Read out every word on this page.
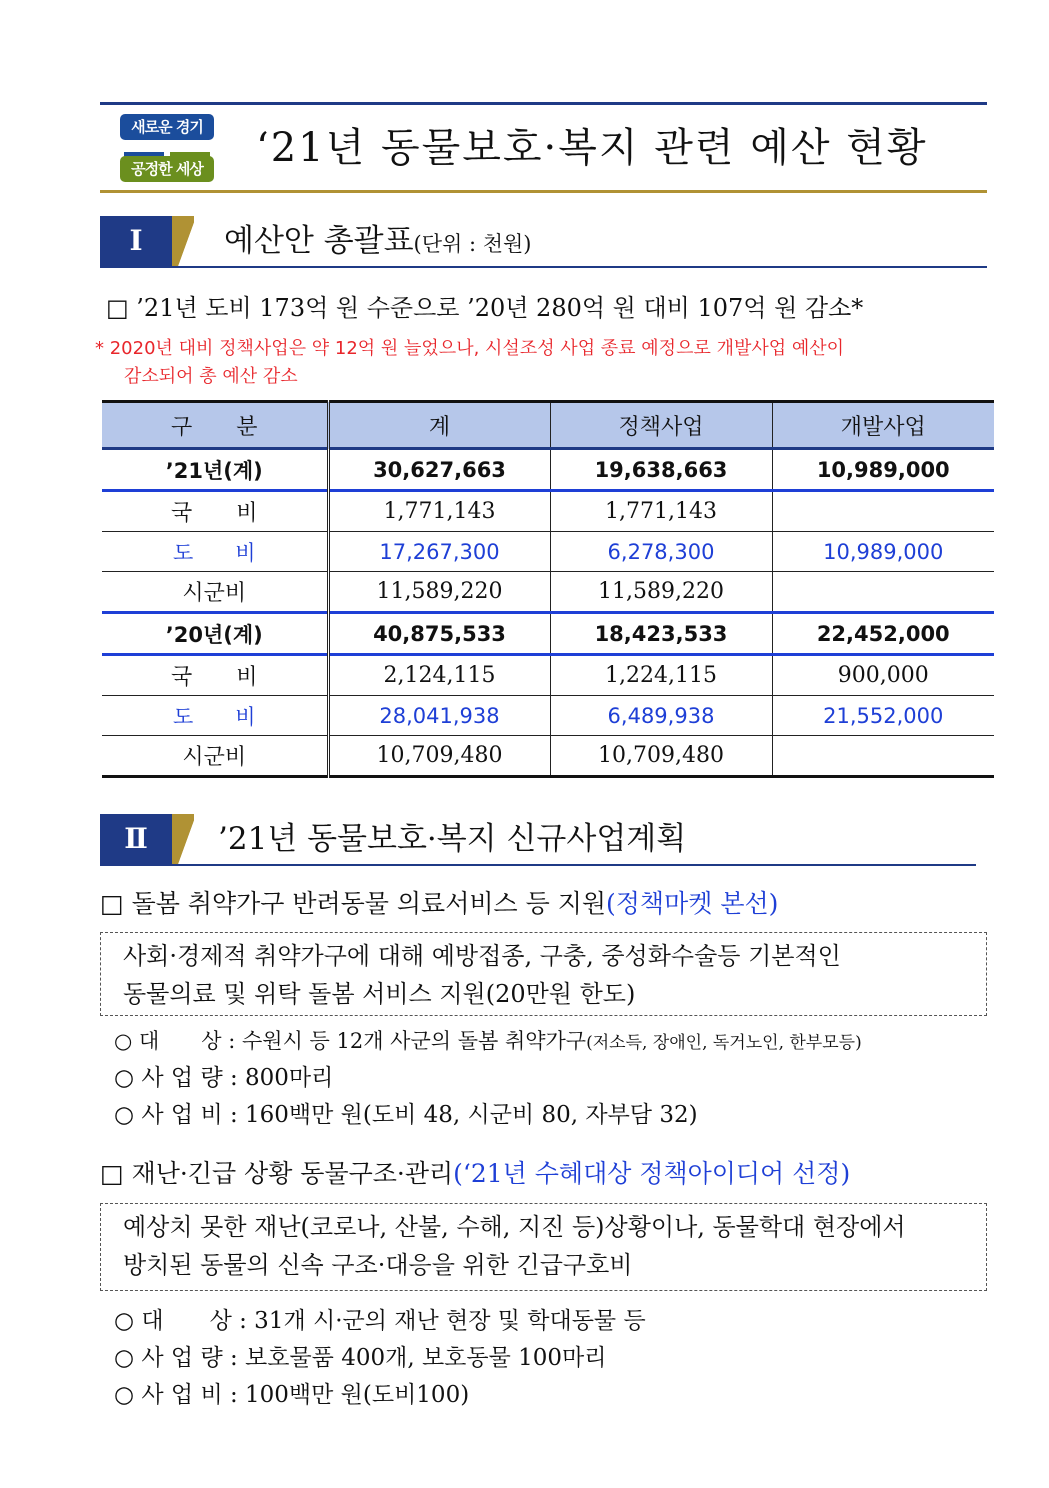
새로운 경기
공정한 세상 ‘21년 동물보호·복지 관련 예산 현황
Ⅰ	예산안 총괄표(단위 : 천원)
□ ’21년 도비 173억 원 수준으로 ’20년 280억 원 대비 107억 원 감소*
* 2020년 대비 정책사업은 약 12억 원 늘었으나, 시설조성 사업 종료 예정으로 개발사업 예산이
감소되어 총 예산 감소
구　　분	계	정책사업	개발사업
’21년(계)	30,627,663	19,638,663	10,989,000
국　　비	1,771,143	1,771,143	
도　　비	17,267,300	6,278,300	10,989,000
시군비	11,589,220	11,589,220	
’20년(계)	40,875,533	18,423,533	22,452,000
국　　비	2,124,115	1,224,115	900,000
도　　비	28,041,938	6,489,938	21,552,000
시군비	10,709,480	10,709,480	
Ⅱ	’21년 동물보호·복지 신규사업계획
□ 돌봄 취약가구 반려동물 의료서비스 등 지원(정책마켓 본선)
사회·경제적 취약가구에 대해 예방접종, 구충, 중성화수술등 기본적인
동물의료 및 위탁 돌봄 서비스 지원(20만원 한도)
○ 대　　상 : 수원시 등 12개 사군의 돌봄 취약가구(저소득, 장애인, 독거노인, 한부모등)
○ 사 업 량 : 800마리
○ 사 업 비 : 160백만 원(도비 48, 시군비 80, 자부담 32)
□ 재난·긴급 상황 동물구조·관리(‘21년 수혜대상 정책아이디어 선정)
예상치 못한 재난(코로나, 산불, 수해, 지진 등)상황이나, 동물학대 현장에서
방치된 동물의 신속 구조·대응을 위한 긴급구호비
○ 대　　상 : 31개 시·군의 재난 현장 및 학대동물 등
○ 사 업 량 : 보호물품 400개, 보호동물 100마리
○ 사 업 비 : 100백만 원(도비100)
